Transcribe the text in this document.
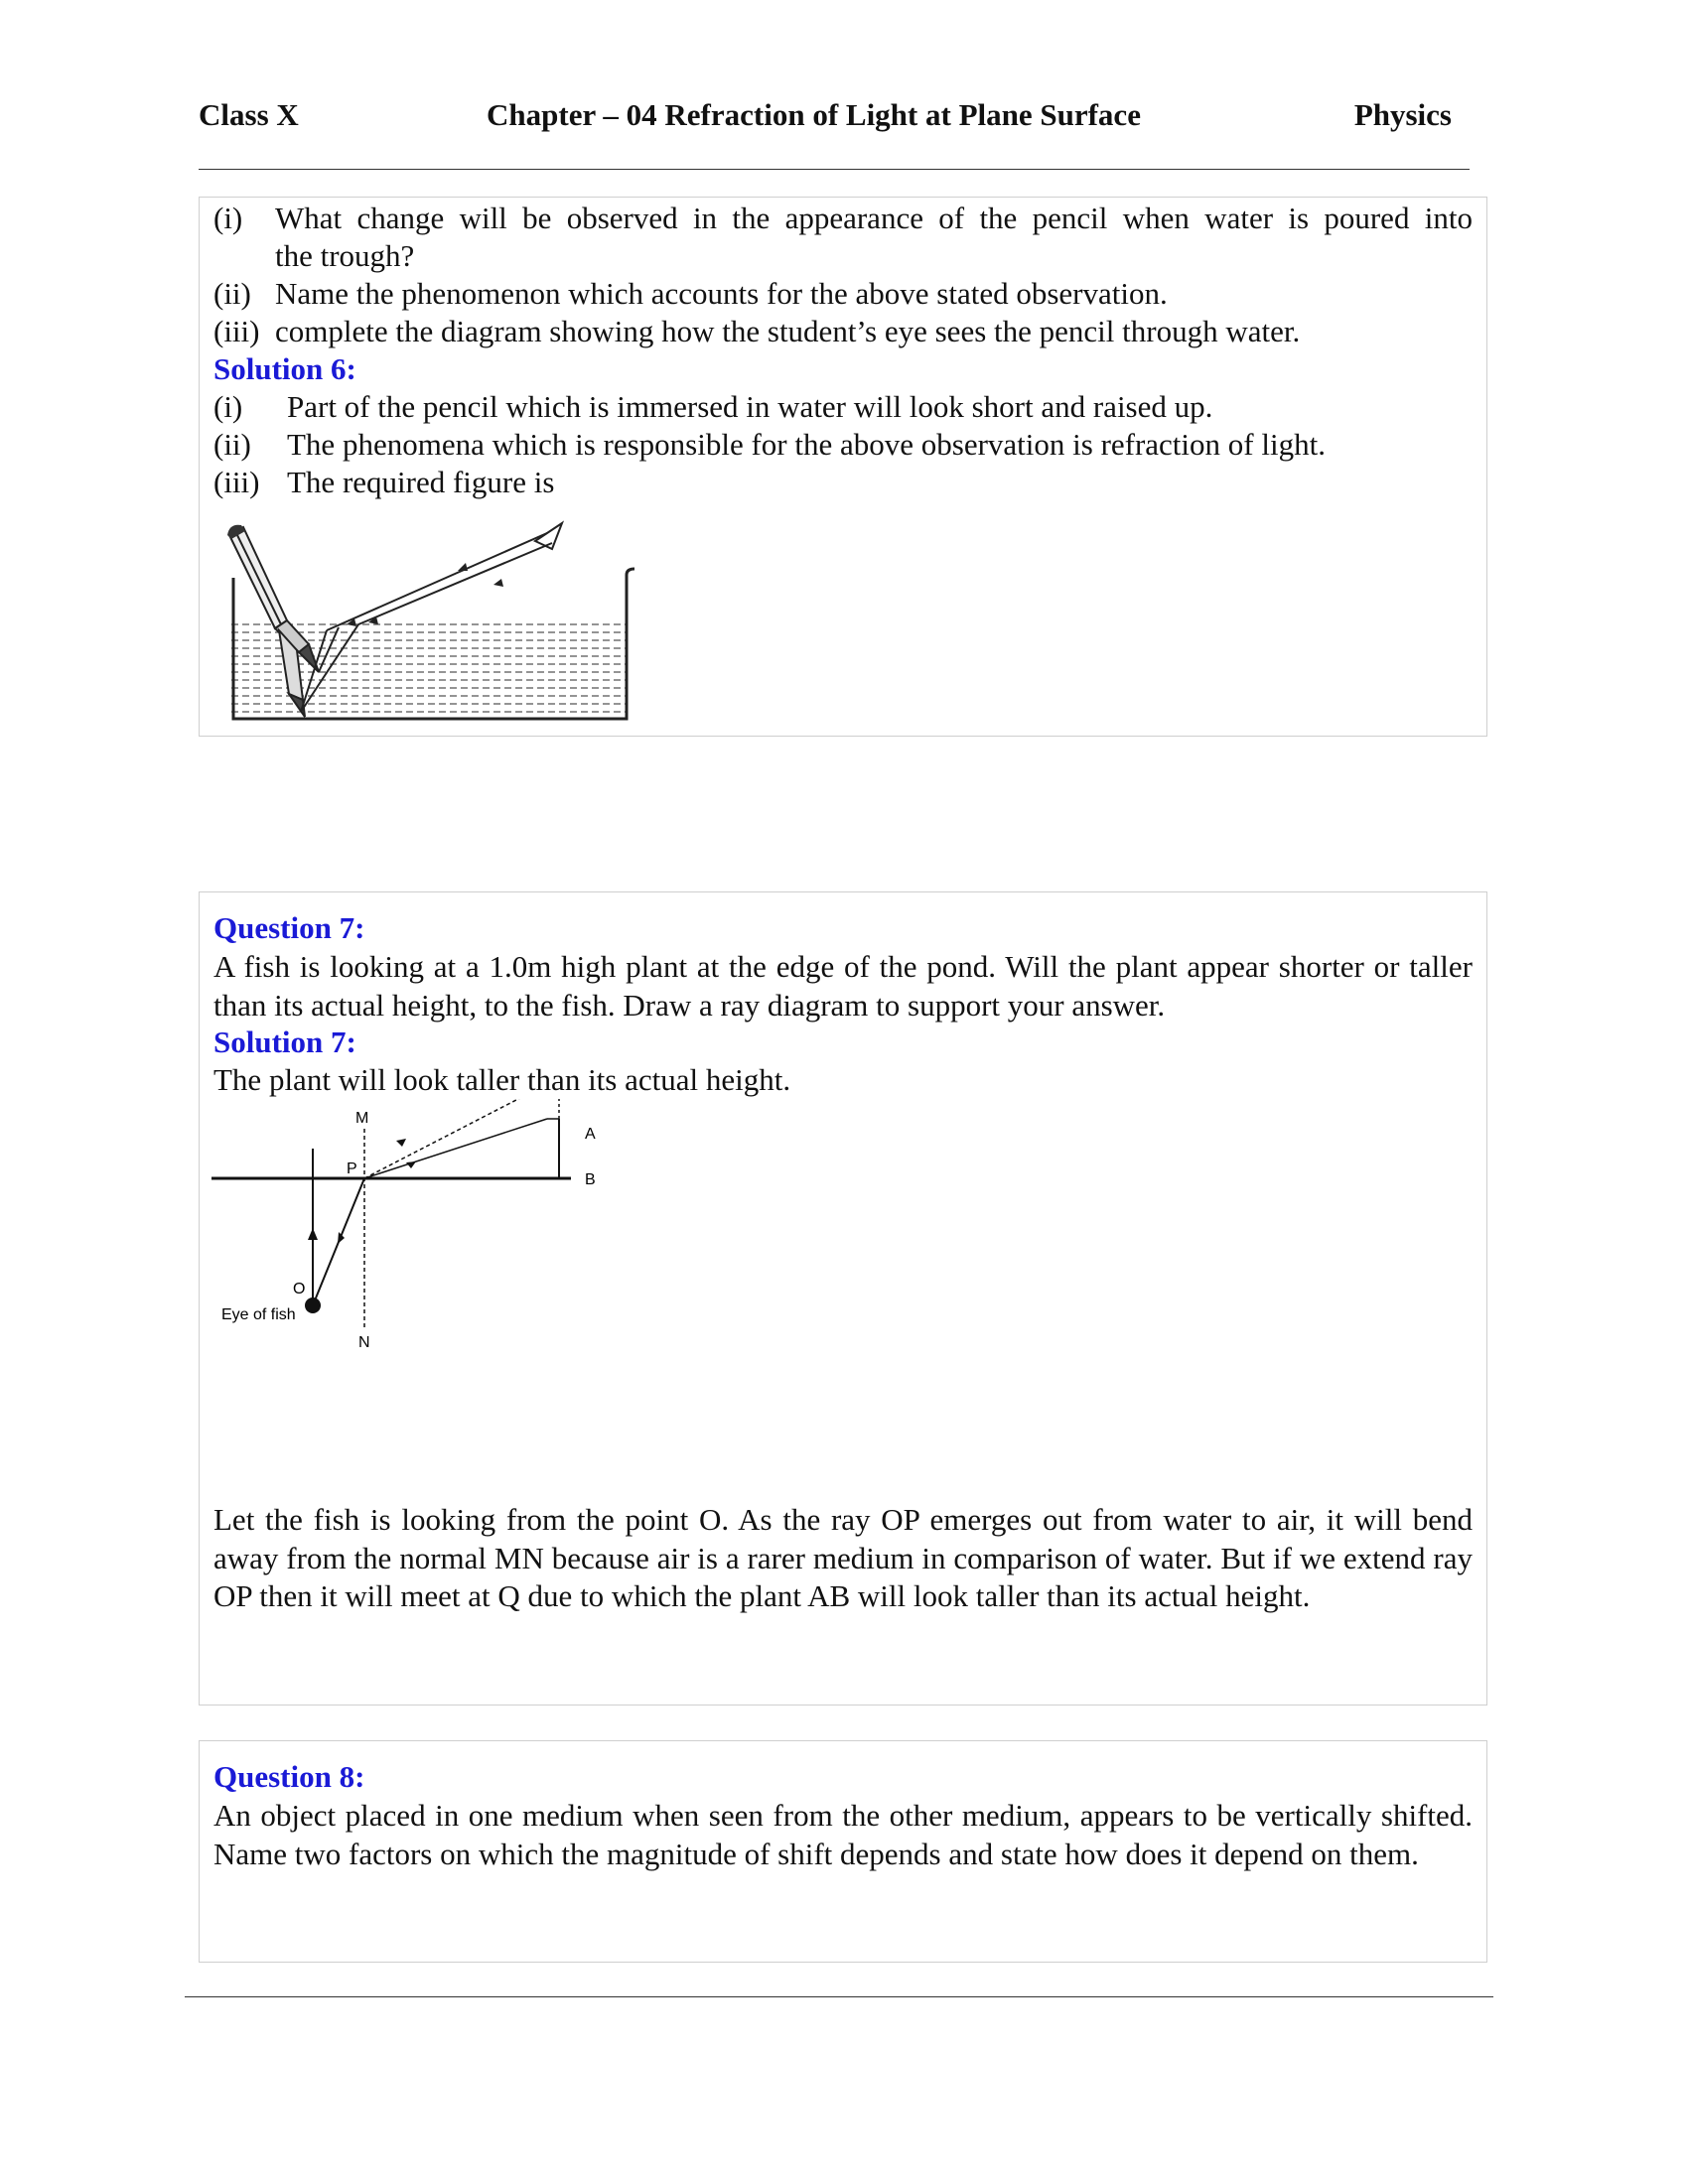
Class X	Chapter – 04 Refraction of Light at Plane Surface	Physics
(i) What change will be observed in the appearance of the pencil when water is poured into
the trough?
(ii) Name the phenomenon which accounts for the above stated observation.
(iii) complete the diagram showing how the student’s eye sees the pencil through water.
Solution 6:
(i) Part of the pencil which is immersed in water will look short and raised up.
(ii) The phenomena which is responsible for the above observation is refraction of light.
(iii) The required figure is
Question 7:
A fish is looking at a 1.0m high plant at the edge of the pond. Will the plant appear shorter or taller than its actual height, to the fish. Draw a ray diagram to support your answer.
Solution 7:
The plant will look taller than its actual height.
M
A
B
P
O
N
Eye of fish
Let the fish is looking from the point O. As the ray OP emerges out from water to air, it will bend away from the normal MN because air is a rarer medium in comparison of water. But if we extend ray OP then it will meet at Q due to which the plant AB will look taller than its actual height.
Question 8:
An object placed in one medium when seen from the other medium, appears to be vertically shifted. Name two factors on which the magnitude of shift depends and state how does it depend on them.
